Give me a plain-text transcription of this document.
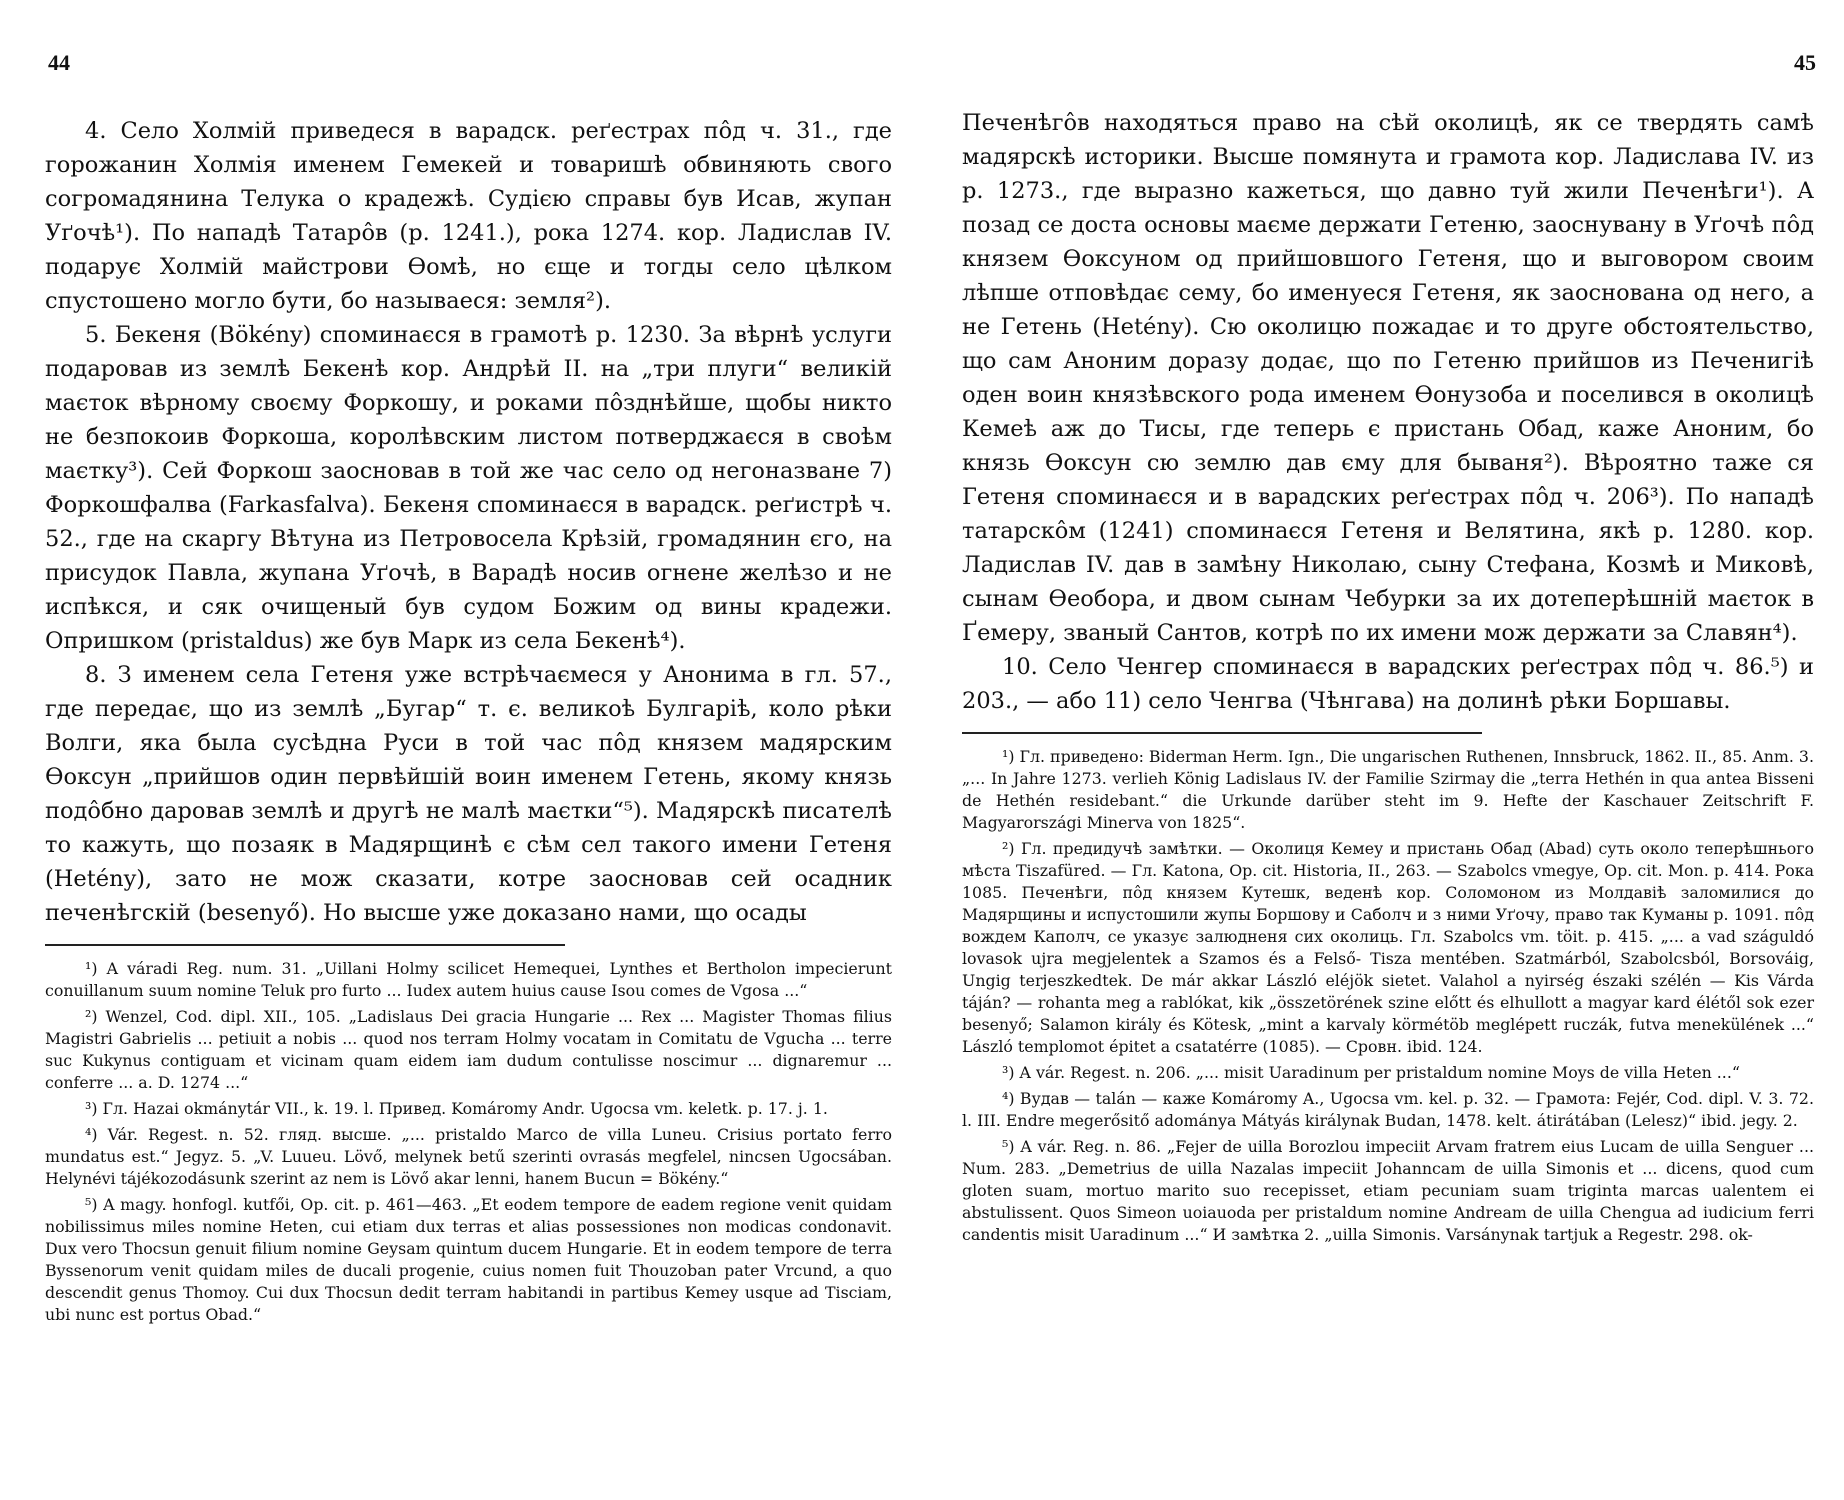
44

4. Село Холмій приведеся в варадск. реґестрах пôд ч. 31., где горожанин Холмія именем Гемекей и товаришѣ обвиняють свого согромадянина Телука о крадежѣ. Судією справы був Исав, жупан Уґочѣ¹). По нападѣ Татарôв (р. 1241.), рока 1274. кор. Ладислав IV. подарує Холмій майстрови Ѳомѣ, но єще и тогды село цѣлком спустошено могло бути, бо называеся: земля²).

5. Бекеня (Bökény) споминаєся в грамотѣ р. 1230. За вѣрнѣ услуги подаровав из землѣ Бекенѣ кор. Андрѣй II. на „три плуги“ великій маєток вѣрному своєму Форкошу, и роками пôзднѣйше, щобы никто не безпокоив Форкоша, королѣвским листом потверджаєся в своѣм маєтку³). Сей Форкош заосновав в той же час село од негоназване 7) Форкошфалва (Farkasfalva). Бекеня споминаєся в варадск. реґистрѣ ч. 52., где на скаргу Вѣтуна из Петровосела Крѣзій, громадянин єго, на присудок Павла, жупана Уґочѣ, в Варадѣ носив огнене желѣзо и не испѣкся, и сяк очищеный був судом Божим од вины крадежи. Опришком (pristaldus) же був Марк из села Бекенѣ⁴).

8. З именем села Гетеня уже встрѣчаємеся у Анонима в гл. 57., где передає, що из землѣ „Бугар“ т. є. великоѣ Булгаріѣ, коло рѣки Волги, яка была сусѣдна Руси в той час пôд князем мадярским Ѳоксун „прийшов один первѣйшій воин именем Гетень, якому князь подôбно даровав землѣ и другѣ не малѣ маєтки“⁵). Мадярскѣ писателѣ то кажуть, що позаяк в Мадярщинѣ є сѣм сел такого имени Гетеня (Hetény), зато не мож сказати, котре заосновав сей осадник печенѣгскій (besenyő). Но высше уже доказано нами, що осады

¹) A váradi Reg. num. 31. „Uillani Holmy scilicet Hemequei, Lynthes et Bertholon impecierunt conuillanum suum nomine Teluk pro furto ... Iudex autem huius cause Isou comes de Vgosa ...“

²) Wenzel, Cod. dipl. XII., 105. „Ladislaus Dei gracia Hungarie ... Rex ... Magister Thomas filius Magistri Gabrielis ... petiuit a nobis ... quod nos terram Holmy vocatam in Comitatu de Vgucha ... terre suc Kukynus contiguam et vicinam quam eidem iam dudum contulisse noscimur ... dignaremur ... conferre ... a. D. 1274 ...“

³) Гл. Hazai okmánytár VII., k. 19. l. Привед. Komáromy Andr. Ugocsa vm. keletk. p. 17. j. 1.

⁴) Vár. Regest. n. 52. гляд. высше. „... pristaldo Marco de villa Luneu. Crisius portato ferro mundatus est.“ Jegyz. 5. „V. Luueu. Lövő, melynek betű szerinti ovrasás megfelel, nincsen Ugocsában. Helynévi tájékozodásunk szerint az nem is Lövő akar lenni, hanem Bucun = Bökény.“

⁵) A magy. honfogl. kutfői, Op. cit. p. 461—463. „Et eodem tempore de eadem regione venit quidam nobilissimus miles nomine Heten, cui etiam dux terras et alias possessiones non modicas condonavit. Dux vero Thocsun genuit filium nomine Geysam quintum ducem Hungarie. Et in eodem tempore de terra Byssenorum venit quidam miles de ducali progenie, cuius nomen fuit Thouzoban pater Vrcund, a quo descendit genus Thomoy. Cui dux Thocsun dedit terram habitandi in partibus Kemey usque ad Tisciam, ubi nunc est portus Obad.“

45

Печенѣгôв находяться право на сѣй околицѣ, як се твердять самѣ мадярскѣ историки. Высше помянута и грамота кор. Ладислава IV. из р. 1273., где выразно кажеться, що давно туй жили Печенѣги¹). А позад се доста основы маєме держати Гетеню, заоснувану в Уґочѣ пôд князем Ѳоксуном од прийшовшого Гетеня, що и выговором своим лѣпше отповѣдає сему, бо именуеся Гетеня, як заоснована од него, а не Гетень (Hetény). Сю околицю пожадає и то друге обстоятельство, що сам Аноним доразу додає, що по Гетеню прийшов из Печенигіѣ оден воин князѣвского рода именем Ѳонузоба и поселився в околицѣ Кемеѣ аж до Тисы, где теперь є пристань Обад, каже Аноним, бо князь Ѳоксун сю землю дав єму для бываня²). Вѣроятно таже ся Гетеня споминаєся и в варадских реґестрах пôд ч. 206³). По нападѣ татарскôм (1241) споминаєся Гетеня и Велятина, якѣ р. 1280. кор. Ладислав IV. дав в замѣну Николаю, сыну Стефана, Козмѣ и Миковѣ, сынам Ѳеобора, и двом сынам Чебурки за их дотеперѣшній маєток в Ґемеру, званый Сантов, котрѣ по их имени мож держати за Славян⁴).

10. Село Ченгер споминаєся в варадских реґестрах пôд ч. 86.⁵) и 203., — або 11) село Ченгва (Чѣнгава) на долинѣ рѣки Боршавы.

¹) Гл. приведено: Biderman Herm. Ign., Die ungarischen Ruthenen, Innsbruck, 1862. II., 85. Anm. 3. „... In Jahre 1273. verlieh König Ladislaus IV. der Familie Szirmay die „terra Hethén in qua antea Bisseni de Hethén residebant.“ die Urkunde darüber steht im 9. Hefte der Kaschauer Zeitschrift F. Magyarországi Minerva von 1825“.

²) Гл. предидучѣ замѣтки. — Околиця Кемеу и пристань Обад (Abad) суть около теперѣшнього мѣста Tiszafüred. — Гл. Katona, Op. cit. Historia, II., 263. — Szabolcs vmegye, Op. cit. Mon. p. 414. Рока 1085. Печенѣги, пôд князем Кутешк, веденѣ кор. Соломоном из Молдавіѣ заломилися до Мадярщины и испустошили жупы Боршову и Саболч и з ними Уґочу, право так Куманы р. 1091. пôд вождем Каполч, се указує залюдненя сих околиць. Гл. Szabolcs vm. töit. p. 415. „... a vad száguldó lovasok ujra megjelentek a Szamos és a Felső- Tisza mentében. Szatmárból, Szabolcsból, Borsováig, Ungig terjeszkedtek. De már akkar László eléjök sietet. Valahol a nyirség északi szélén — Kis Várda táján? — rohanta meg a rablókat, kik „összetörének szine előtt és elhullott a magyar kard élétől sok ezer besenyő; Salamon király és Kötesk, „mint a karvaly körmétöb meglépett ruczák, futva menekülének ...“ László templomot épitet a csatatérre (1085). — Сровн. ibid. 124.

³) A vár. Regest. n. 206. „... misit Uaradinum per pristaldum nomine Moys de villa Heten ...“

⁴) Вудав — talán — каже Komáromy A., Ugocsa vm. kel. p. 32. — Грамота: Fejér, Cod. dipl. V. 3. 72. l. III. Endre megerősitő adománya Mátyás királynak Budan, 1478. kelt. átirátában (Lelesz)“ ibid. jegy. 2.

⁵) A vár. Reg. n. 86. „Fejer de uilla Borozlou impeciit Arvam fratrem eius Lucam de uilla Senguer ... Num. 283. „Demetrius de uilla Nazalas impeciit Johanncam de uilla Simonis et ... dicens, quod cum gloten suam, mortuo marito suo recepisset, etiam pecuniam suam triginta marcas ualentem ei abstulissent. Quos Simeon uoiauoda per pristaldum nomine Andream de uilla Chengua ad iudicium ferri candentis misit Uaradinum ...“ И замѣтка 2. „uilla Simonis. Varsánynak tartjuk a Regestr. 298. ok-
